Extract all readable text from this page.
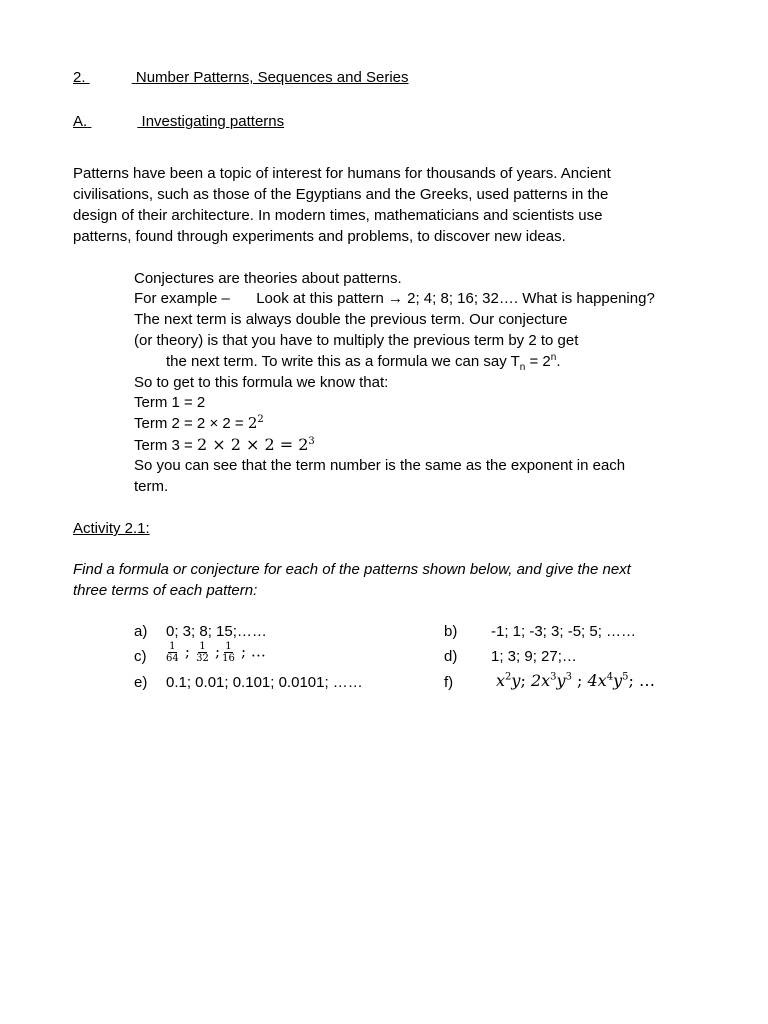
2.	Number Patterns, Sequences and Series
A.	Investigating patterns
Patterns have been a topic of interest for humans for thousands of years. Ancient
civilisations, such as those of the Egyptians and the Greeks, used patterns in the
design of their architecture. In modern times, mathematicians and scientists use
patterns, found through experiments and problems, to discover new ideas.
Conjectures are theories about patterns.
For example – Look at this pattern → 2; 4; 8; 16; 32…. What is happening?
The next term is always double the previous term. Our conjecture
(or theory) is that you have to multiply the previous term by 2 to get
the next term. To write this as a formula we can say $T_n = 2^n$.
So to get to this formula we know that:
Term 1 = 2
Term $2 = 2 \times 2 = 2^2$
Term $3 = 2 \times 2 \times 2 = 2^3$
So you can see that the term number is the same as the exponent in each
term.
Activity 2.1:
Find a formula or conjecture for each of the patterns shown below, and give the next
three terms of each pattern:
a) 0; 3; 8; 15;……	b) -1; 1; -3; 3; -5; 5; ……
$c) \frac{1}{64}$ ; $\frac{1}{32}$ ; $\frac{1}{16}$ ; …	d) 1; 3; 9; 27;…
e) 0.1; 0.01; 0.101; 0.0101; ……	f)	$x^2y$; $2x^3y^3$ ; $4x^4y^5$; …
